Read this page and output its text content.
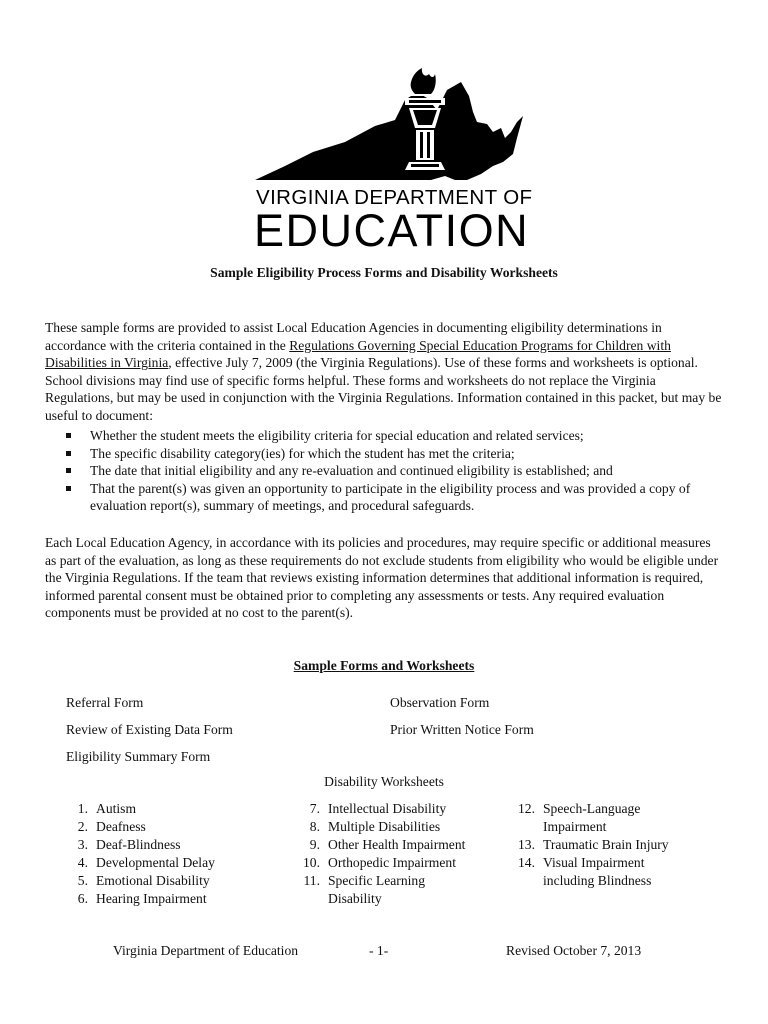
VIRGINIA DEPARTMENT OF
EDUCATION
Sample Eligibility Process Forms and Disability Worksheets
These sample forms are provided to assist Local Education Agencies in documenting eligibility determinations in accordance with the criteria contained in the Regulations Governing Special Education Programs for Children with Disabilities in Virginia, effective July 7, 2009 (the Virginia Regulations). Use of these forms and worksheets is optional. School divisions may find use of specific forms helpful. These forms and worksheets do not replace the Virginia Regulations, but may be used in conjunction with the Virginia Regulations. Information contained in this packet, but may be useful to document:
Whether the student meets the eligibility criteria for special education and related services;
The specific disability category(ies) for which the student has met the criteria;
The date that initial eligibility and any re-evaluation and continued eligibility is established; and
That the parent(s) was given an opportunity to participate in the eligibility process and was provided a copy of evaluation report(s), summary of meetings, and procedural safeguards.
Each Local Education Agency, in accordance with its policies and procedures, may require specific or additional measures as part of the evaluation, as long as these requirements do not exclude students from eligibility who would be eligible under the Virginia Regulations. If the team that reviews existing information determines that additional information is required, informed parental consent must be obtained prior to completing any assessments or tests. Any required evaluation components must be provided at no cost to the parent(s).
Sample Forms and Worksheets
Referral Form
Review of Existing Data Form
Eligibility Summary Form
Observation Form
Prior Written Notice Form
Disability Worksheets
1. Autism
2. Deafness
3. Deaf-Blindness
4. Developmental Delay
5. Emotional Disability
6. Hearing Impairment
7. Intellectual Disability
8. Multiple Disabilities
9. Other Health Impairment
10. Orthopedic Impairment
11. Specific Learning
Disability
12. Speech-Language
Impairment
13. Traumatic Brain Injury
14. Visual Impairment
including Blindness
Virginia Department of Education	- 1-	Revised October 7, 2013
